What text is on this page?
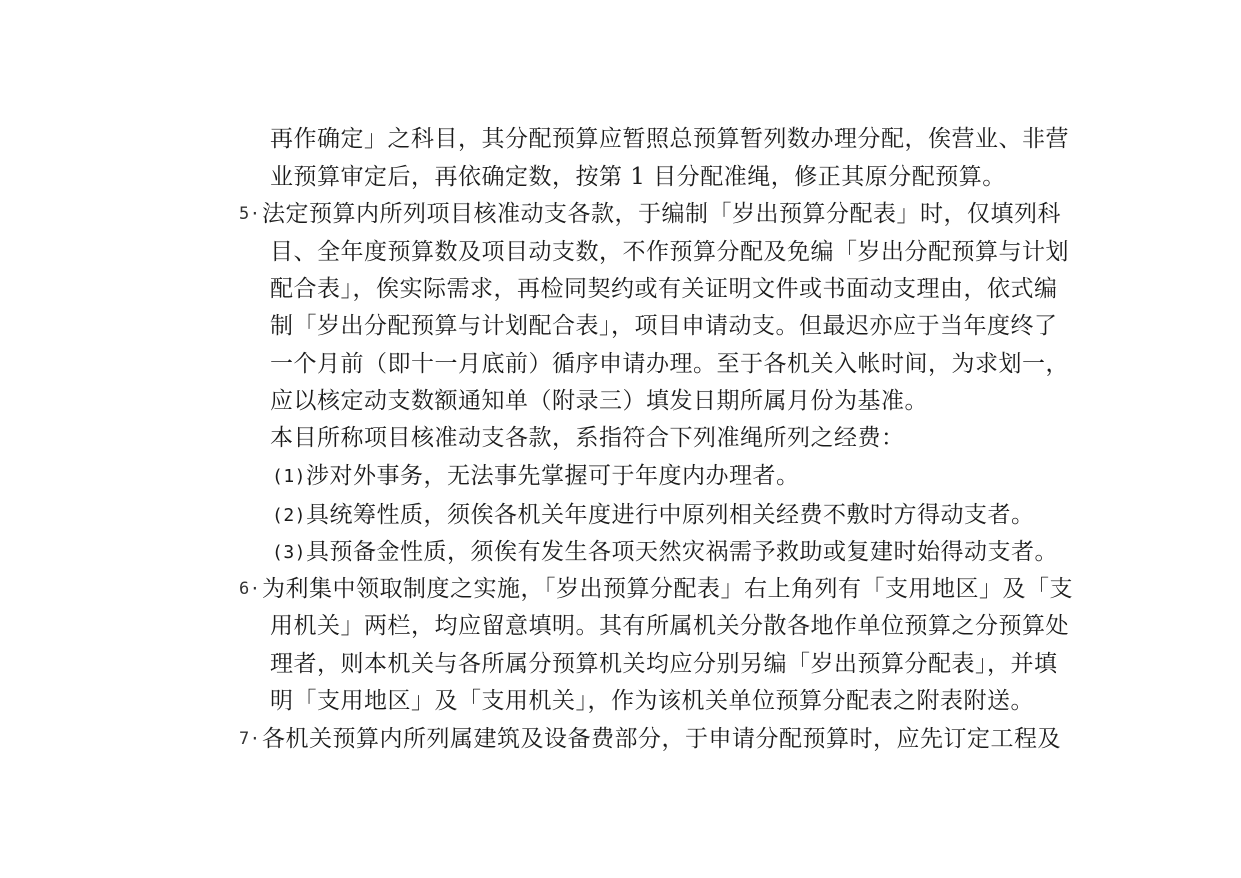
再作确定」之科目，其分配预算应暂照总预算暂列数办理分配，俟营业、非营
业预算审定后，再依确定数，按第 1 目分配准绳，修正其原分配预算。
5· 法定预算内所列项目核准动支各款，于编制「岁出预算分配表」时，仅填列科
目、全年度预算数及项目动支数，不作预算分配及免编「岁出分配预算与计划
配合表」，俟实际需求，再检同契约或有关证明文件或书面动支理由，依式编
制「岁出分配预算与计划配合表」，项目申请动支。但最迟亦应于当年度终了
一个月前（即十一月底前）循序申请办理。至于各机关入帐时间，为求划一，
应以核定动支数额通知单（附录三）填发日期所属月份为基准。
本目所称项目核准动支各款，系指符合下列准绳所列之经费：
(1) 涉对外事务，无法事先掌握可于年度内办理者。
(2) 具统筹性质，须俟各机关年度进行中原列相关经费不敷时方得动支者。
(3) 具预备金性质，须俟有发生各项天然灾祸需予救助或复建时始得动支者。
6· 为利集中领取制度之实施，「岁出预算分配表」右上角列有「支用地区」及「支
用机关」两栏，均应留意填明。其有所属机关分散各地作单位预算之分预算处
理者，则本机关与各所属分预算机关均应分别另编「岁出预算分配表」，并填
明「支用地区」及「支用机关」，作为该机关单位预算分配表之附表附送。
7· 各机关预算内所列属建筑及设备费部分，于申请分配预算时，应先订定工程及
